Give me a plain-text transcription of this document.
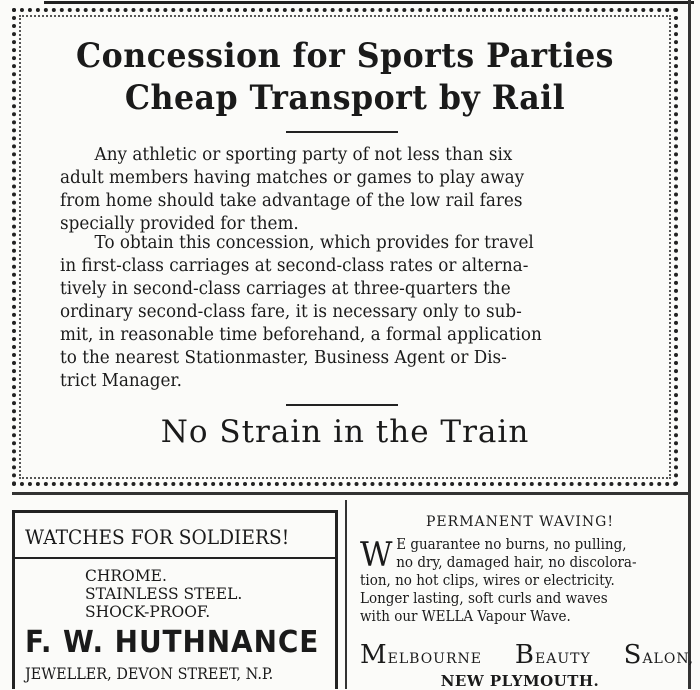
Concession for Sports Parties
Cheap Transport by Rail
Any athletic or sporting party of not less than six
adult members having matches or games to play away
from home should take advantage of the low rail fares
specially provided for them.
To obtain this concession, which provides for travel
in first-class carriages at second-class rates or alterna-
tively in second-class carriages at three-quarters the
ordinary second-class fare, it is necessary only to sub-
mit, in reasonable time beforehand, a formal application
to the nearest Stationmaster, Business Agent or Dis-
trict Manager.
No Strain in the Train
WATCHES FOR SOLDIERS!
CHROME.
STAINLESS STEEL.
SHOCK-PROOF.
F. W. HUTHNANCE
JEWELLER, DEVON STREET, N.P.
PERMANENT WAVING!
W E guarantee no burns, no pulling,
no dry, damaged hair, no discolora-
tion, no hot clips, wires or electricity.
Longer lasting, soft curls and waves
with our WELLA Vapour Wave.
MELBOURNE BEAUTY SALON,
NEW PLYMOUTH.
